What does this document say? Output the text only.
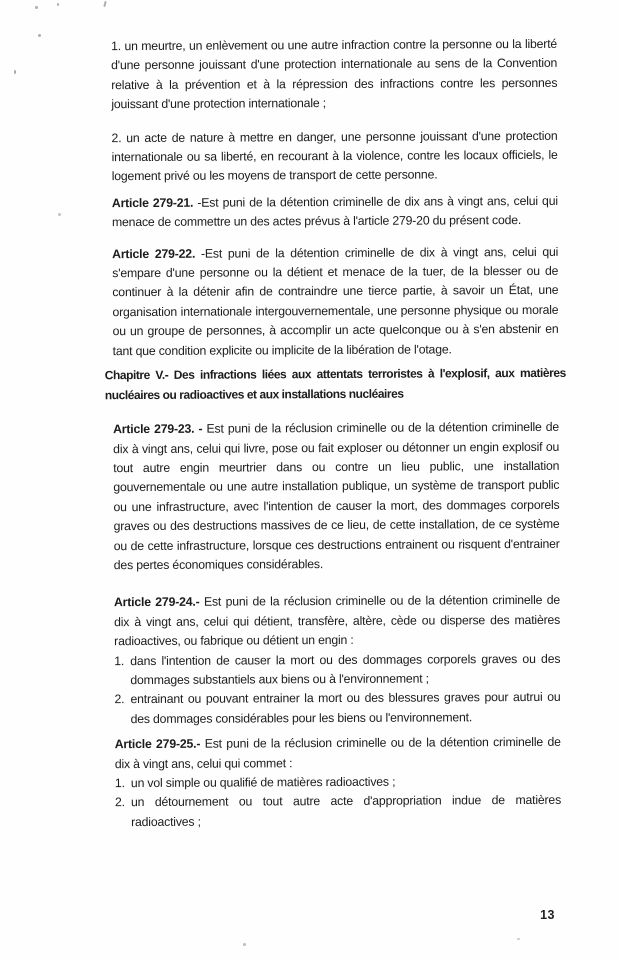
1. un meurtre, un enlèvement ou une autre infraction contre la personne ou la liberté d'une personne jouissant d'une protection internationale au sens de la Convention relative à la prévention et à la répression des infractions contre les personnes jouissant d'une protection internationale ;

2. un acte de nature à mettre en danger, une personne jouissant d'une protection internationale ou sa liberté, en recourant à la violence, contre les locaux officiels, le logement privé ou les moyens de transport de cette personne.

Article 279-21. -Est puni de la détention criminelle de dix ans à vingt ans, celui qui menace de commettre un des actes prévus à l'article 279-20 du présent code.

Article 279-22. -Est puni de la détention criminelle de dix à vingt ans, celui qui s'empare d'une personne ou la détient et menace de la tuer, de la blesser ou de continuer à la détenir afin de contraindre une tierce partie, à savoir un État, une organisation internationale intergouvernementale, une personne physique ou morale ou un groupe de personnes, à accomplir un acte quelconque ou à s'en abstenir en tant que condition explicite ou implicite de la libération de l'otage.

Chapitre V.- Des infractions liées aux attentats terroristes à l'explosif, aux matières nucléaires ou radioactives et aux installations nucléaires

Article 279-23. - Est puni de la réclusion criminelle ou de la détention criminelle de dix à vingt ans, celui qui livre, pose ou fait exploser ou détonner un engin explosif ou tout autre engin meurtrier dans ou contre un lieu public, une installation gouvernementale ou une autre installation publique, un système de transport public ou une infrastructure, avec l'intention de causer la mort, des dommages corporels graves ou des destructions massives de ce lieu, de cette installation, de ce système ou de cette infrastructure, lorsque ces destructions entrainent ou risquent d'entrainer des pertes économiques considérables.

Article 279-24.- Est puni de la réclusion criminelle ou de la détention criminelle de dix à vingt ans, celui qui détient, transfère, altère, cède ou disperse des matières radioactives, ou fabrique ou détient un engin :

1. dans l'intention de causer la mort ou des dommages corporels graves ou des dommages substantiels aux biens ou à l'environnement ;
2. entrainant ou pouvant entrainer la mort ou des blessures graves pour autrui ou des dommages considérables pour les biens ou l'environnement.

Article 279-25.- Est puni de la réclusion criminelle ou de la détention criminelle de dix à vingt ans, celui qui commet :

1. un vol simple ou qualifié de matières radioactives ;
2. un détournement ou tout autre acte d'appropriation indue de matières radioactives ;
13
